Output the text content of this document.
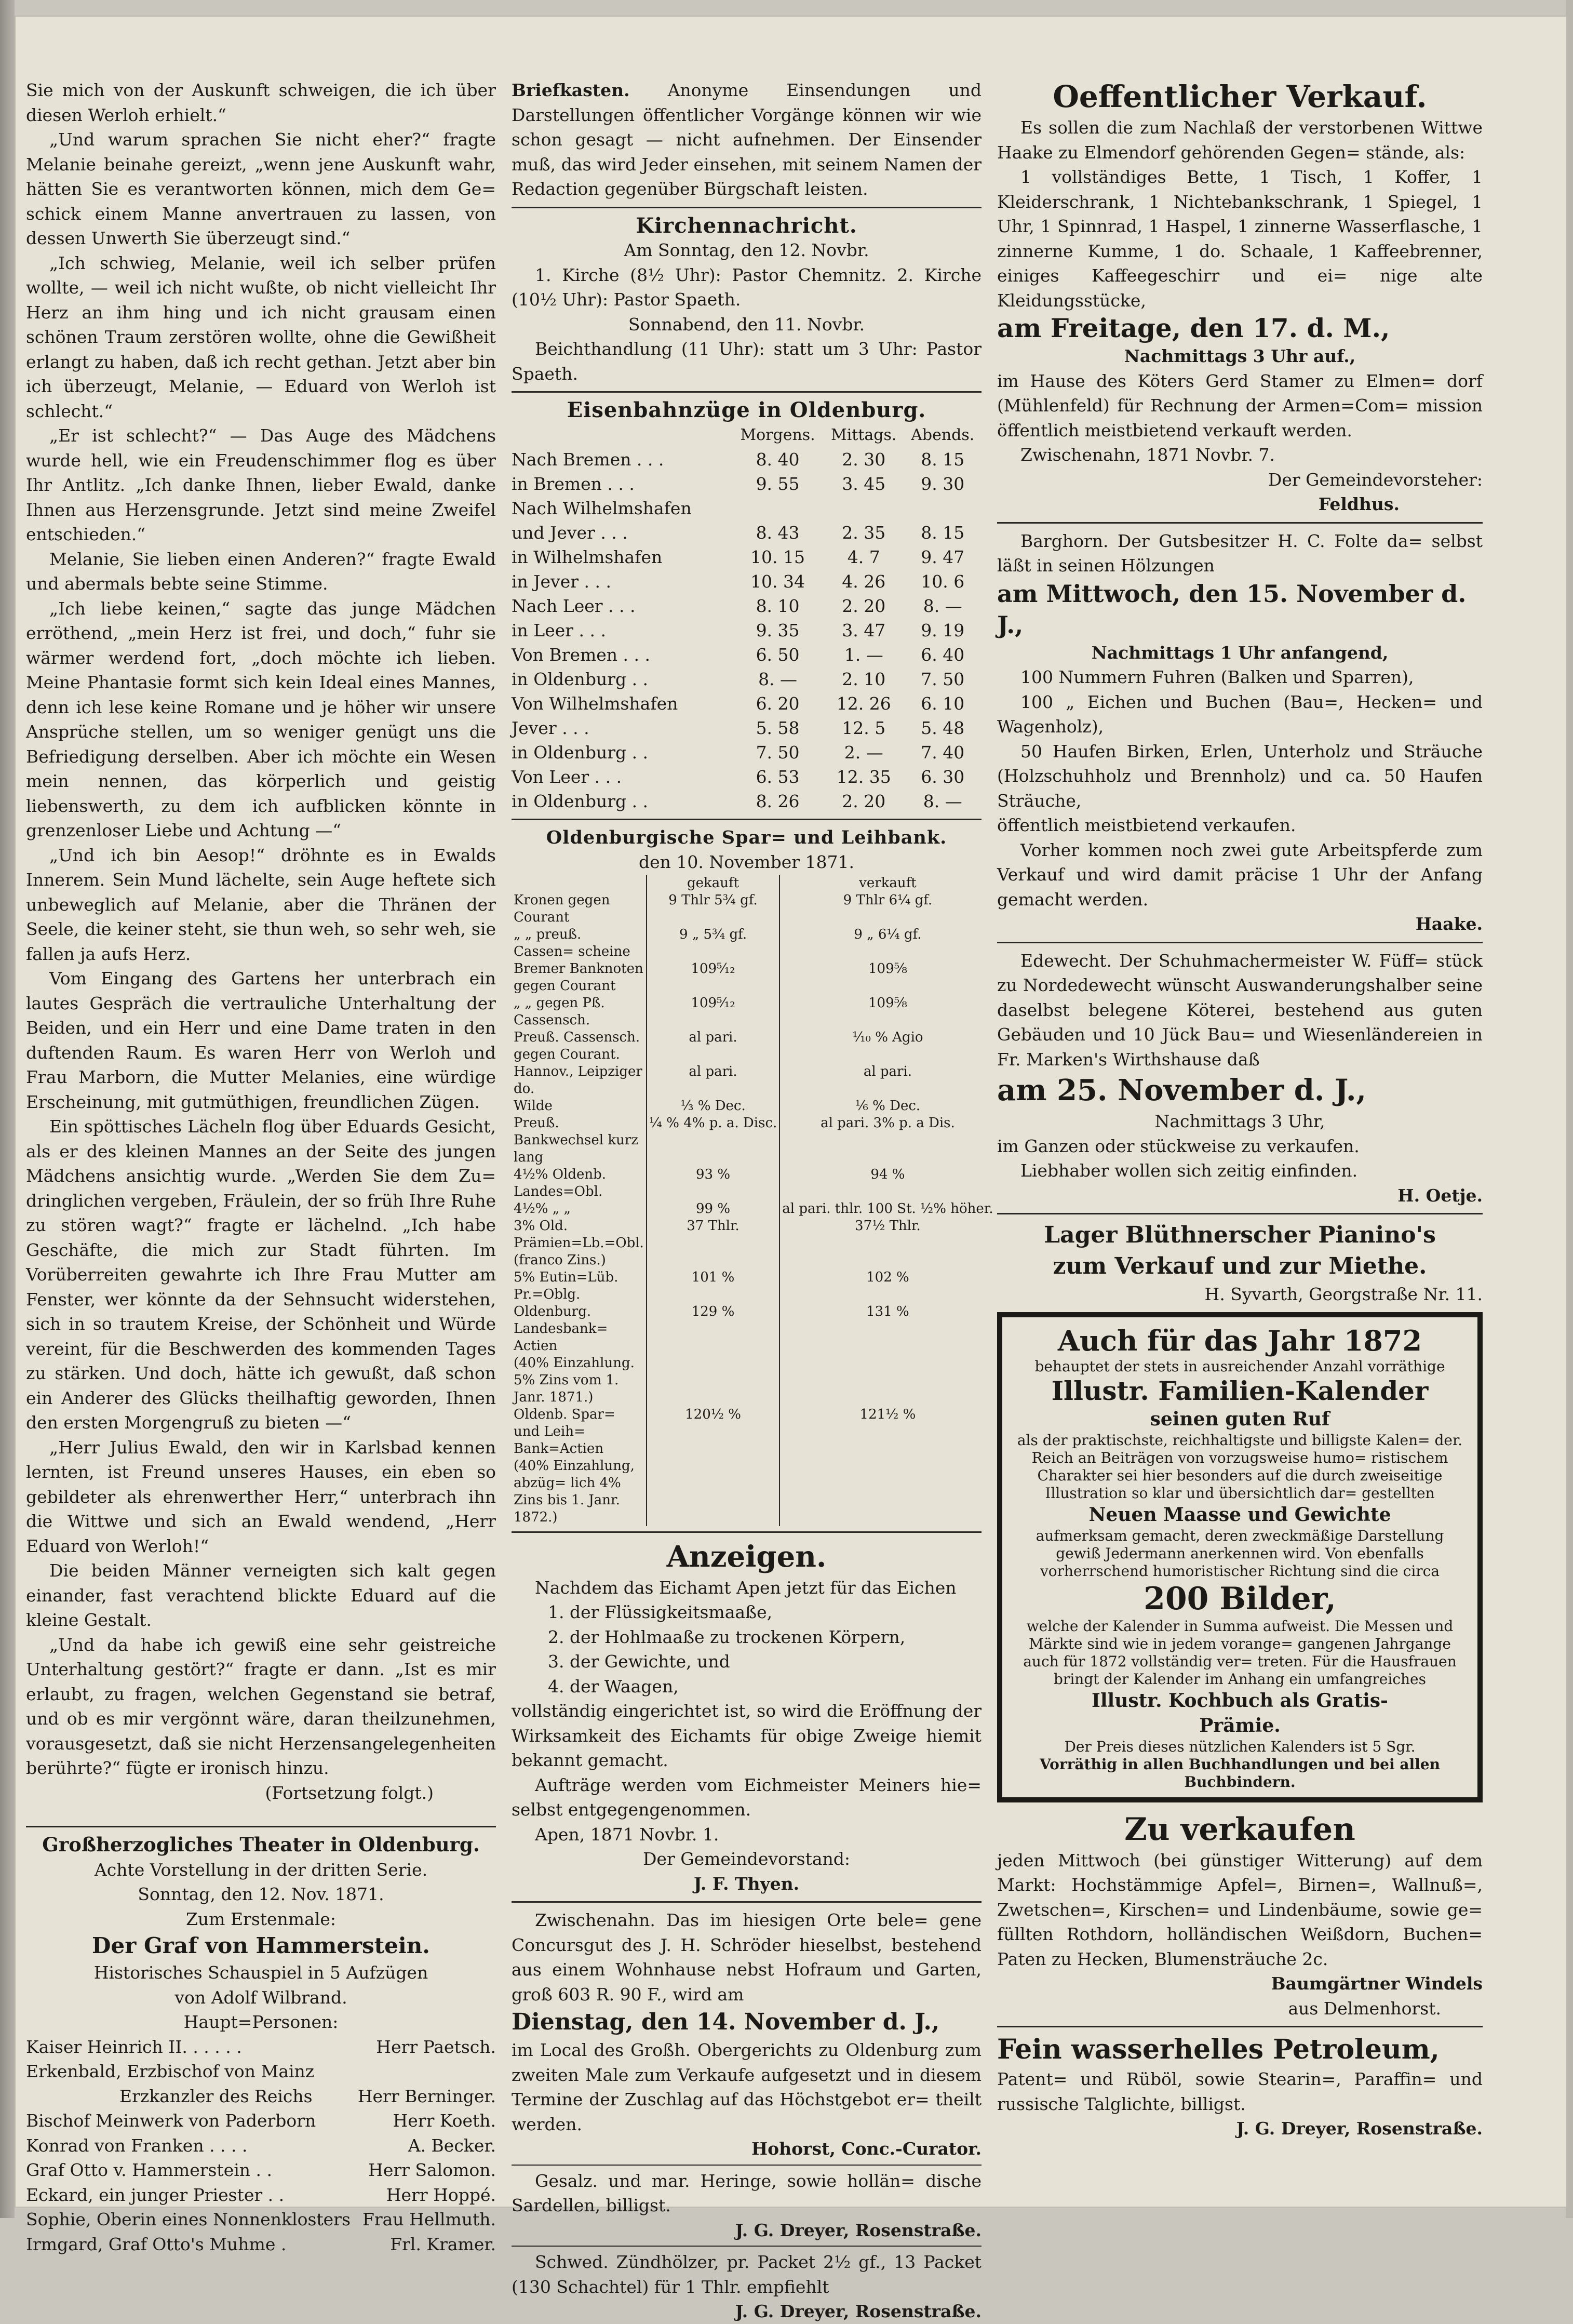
Sie mich von der Auskunft schweigen, die ich über diesen Werloh erhielt.“

„Und warum sprachen Sie nicht eher?“ fragte Melanie beinahe gereizt, „wenn jene Auskunft wahr, hätten Sie es verantworten können, mich dem Ge= schick einem Manne anvertrauen zu lassen, von dessen Unwerth Sie überzeugt sind.“

„Ich schwieg, Melanie, weil ich selber prüfen wollte, — weil ich nicht wußte, ob nicht vielleicht Ihr Herz an ihm hing und ich nicht grausam einen schönen Traum zerstören wollte, ohne die Gewißheit erlangt zu haben, daß ich recht gethan. Jetzt aber bin ich überzeugt, Melanie, — Eduard von Werloh ist schlecht.“

„Er ist schlecht?“ — Das Auge des Mädchens wurde hell, wie ein Freudenschimmer flog es über Ihr Antlitz. „Ich danke Ihnen, lieber Ewald, danke Ihnen aus Herzensgrunde. Jetzt sind meine Zweifel entschieden.“

Melanie, Sie lieben einen Anderen?“ fragte Ewald und abermals bebte seine Stimme.

„Ich liebe keinen,“ sagte das junge Mädchen erröthend, „mein Herz ist frei, und doch,“ fuhr sie wärmer werdend fort, „doch möchte ich lieben. Meine Phantasie formt sich kein Ideal eines Mannes, denn ich lese keine Romane und je höher wir unsere Ansprüche stellen, um so weniger genügt uns die Befriedigung derselben. Aber ich möchte ein Wesen mein nennen, das körperlich und geistig liebenswerth, zu dem ich aufblicken könnte in grenzenloser Liebe und Achtung —“

„Und ich bin Aesop!“ dröhnte es in Ewalds Innerem. Sein Mund lächelte, sein Auge heftete sich unbeweglich auf Melanie, aber die Thränen der Seele, die keiner steht, sie thun weh, so sehr weh, sie fallen ja aufs Herz.

Vom Eingang des Gartens her unterbrach ein lautes Gespräch die vertrauliche Unterhaltung der Beiden, und ein Herr und eine Dame traten in den duftenden Raum. Es waren Herr von Werloh und Frau Marborn, die Mutter Melanies, eine würdige Erscheinung, mit gutmüthigen, freundlichen Zügen.

Ein spöttisches Lächeln flog über Eduards Gesicht, als er des kleinen Mannes an der Seite des jungen Mädchens ansichtig wurde. „Werden Sie dem Zu= dringlichen vergeben, Fräulein, der so früh Ihre Ruhe zu stören wagt?“ fragte er lächelnd. „Ich habe Geschäfte, die mich zur Stadt führten. Im Vorüberreiten gewahrte ich Ihre Frau Mutter am Fenster, wer könnte da der Sehnsucht widerstehen, sich in so trautem Kreise, der Schönheit und Würde vereint, für die Beschwerden des kommenden Tages zu stärken. Und doch, hätte ich gewußt, daß schon ein Anderer des Glücks theilhaftig geworden, Ihnen den ersten Morgengruß zu bieten —“

„Herr Julius Ewald, den wir in Karlsbad kennen lernten, ist Freund unseres Hauses, ein eben so gebildeter als ehrenwerther Herr,“ unterbrach ihn die Wittwe und sich an Ewald wendend, „Herr Eduard von Werloh!“

Die beiden Männer verneigten sich kalt gegen einander, fast verachtend blickte Eduard auf die kleine Gestalt.

„Und da habe ich gewiß eine sehr geistreiche Unterhaltung gestört?“ fragte er dann. „Ist es mir erlaubt, zu fragen, welchen Gegenstand sie betraf, und ob es mir vergönnt wäre, daran theilzunehmen, vorausgesetzt, daß sie nicht Herzensangelegenheiten berührte?“ fügte er ironisch hinzu.

(Fortsetzung folgt.)

Großherzogliches Theater in Oldenburg.
Achte Vorstellung in der dritten Serie.
Sonntag, den 12. Nov. 1871.
Zum Erstenmale:
Der Graf von Hammerstein.
Historisches Schauspiel in 5 Aufzügen
von Adolf Wilbrand.
Haupt=Personen:
Kaiser Heinrich II. . . . . .	Herr Paetsch.
Erkenbald, Erzbischof von Mainz
Erzkanzler des Reichs	Herr Berninger.
Bischof Meinwerk von Paderborn	Herr Koeth.
Konrad von Franken . . . .	A. Becker.
Graf Otto v. Hammerstein . .	Herr Salomon.
Eckard, ein junger Priester . .	Herr Hoppé.
Sophie, Oberin eines Nonnenklosters Frau Hellmuth.
Irmgard, Graf Otto's Muhme .	Frl. Kramer.

Briefkasten. Anonyme Einsendungen und Darstellungen öffentlicher Vorgänge können wir wie schon gesagt — nicht aufnehmen. Der Einsender muß, das wird Jeder einsehen, mit seinem Namen der Redaction gegenüber Bürgschaft leisten.

Kirchennachricht.
Am Sonntag, den 12. Novbr.

1. Kirche (8½ Uhr): Pastor Chemnitz. 2. Kirche (10½ Uhr): Pastor Spaeth.

Sonnabend, den 11. Novbr.

Beichthandlung (11 Uhr): statt um 3 Uhr: Pastor Spaeth.

Eisenbahnzüge in Oldenburg.
	Morgens.	Mittags.	Abends.
Nach Bremen . . .	8. 40	2. 30	8. 15
in Bremen . . .	9. 55	3. 45	9. 30
Nach Wilhelmshafen			
und Jever . . .	8. 43	2. 35	8. 15
in Wilhelmshafen	10. 15	4. 7	9. 47
in Jever . . .	10. 34	4. 26	10. 6
Nach Leer . . .	8. 10	2. 20	8. —
in Leer . . .	9. 35	3. 47	9. 19
Von Bremen . . .	6. 50	1. —	6. 40
in Oldenburg . .	8. —	2. 10	7. 50
Von Wilhelmshafen	6. 20	12. 26	6. 10
Jever . . .	5. 58	12. 5	5. 48
in Oldenburg . .	7. 50	2. —	7. 40
Von Leer . . .	6. 53	12. 35	6. 30
in Oldenburg . .	8. 26	2. 20	8. —
Oldenburgische Spar= und Leihbank.
den 10. November 1871.
	gekauft	verkauft
Kronen gegen Courant	9 Thlr 5¾ gf.	9 Thlr 6¼ gf.
„ „ preuß. Cassen= scheine	9 „ 5¾ gf.	9 „ 6¼ gf.
Bremer Banknoten gegen Courant	109⁵⁄₁₂	109⁵⁄₈
„ „ gegen Pß. Cassensch.	109⁵⁄₁₂	109⁵⁄₈
Preuß. Cassensch. gegen Courant.	al pari.	¹⁄₁₀ % Agio
Hannov., Leipziger do.	al pari.	al pari.
Wilde	¹⁄₃ % Dec.	¹⁄₆ % Dec.
Preuß. Bankwechsel kurz lang	¹⁄₄ % 4% p. a. Disc.	al pari. 3% p. a Dis.
4½% Oldenb. Landes=Obl.	93 %	94 %
4½% „ „	99 %	al pari. thlr. 100 St. ½% höher.
3% Old. Prämien=Lb.=Obl. (franco Zins.)	37 Thlr.	37½ Thlr.
5% Eutin=Lüb. Pr.=Oblg.	101 %	102 %
Oldenburg. Landesbank= Actien	129 %	131 %
(40% Einzahlung. 5% Zins vom 1. Janr. 1871.)		
Oldenb. Spar= und Leih= Bank=Actien	120½ %	121½ %
(40% Einzahlung, abzüg= lich 4% Zins bis 1. Janr. 1872.)		
Anzeigen.

Nachdem das Eichamt Apen jetzt für das Eichen

1. der Flüssigkeitsmaaße,
2. der Hohlmaaße zu trockenen Körpern,
3. der Gewichte, und
4. der Waagen,

vollständig eingerichtet ist, so wird die Eröffnung der Wirksamkeit des Eichamts für obige Zweige hiemit bekannt gemacht.

Aufträge werden vom Eichmeister Meiners hie= selbst entgegengenommen.

Apen, 1871 Novbr. 1.

Der Gemeindevorstand:
J. F. Thyen.

Zwischenahn. Das im hiesigen Orte bele= gene Concursgut des J. H. Schröder hieselbst, bestehend aus einem Wohnhause nebst Hofraum und Garten, groß 603 R. 90 F., wird am

Dienstag, den 14. November d. J.,

im Local des Großh. Obergerichts zu Oldenburg zum zweiten Male zum Verkaufe aufgesetzt und in diesem Termine der Zuschlag auf das Höchstgebot er= theilt werden.

Hohorst, Conc.-Curator.

Gesalz. und mar. Heringe, sowie hollän= dische Sardellen, billigst.

J. G. Dreyer, Rosenstraße.

Schwed. Zündhölzer, pr. Packet 2½ gf., 13 Packet (130 Schachtel) für 1 Thlr. empfiehlt

J. G. Dreyer, Rosenstraße.
Oeffentlicher Verkauf.

Es sollen die zum Nachlaß der verstorbenen Wittwe Haake zu Elmendorf gehörenden Gegen= stände, als:

1 vollständiges Bette, 1 Tisch, 1 Koffer, 1 Kleiderschrank, 1 Nichtebankschrank, 1 Spiegel, 1 Uhr, 1 Spinnrad, 1 Haspel, 1 zinnerne Wasserflasche, 1 zinnerne Kumme, 1 do. Schaale, 1 Kaffeebrenner, einiges Kaffeegeschirr und ei= nige alte Kleidungsstücke,

am Freitage, den 17. d. M.,
Nachmittags 3 Uhr auf.,

im Hause des Köters Gerd Stamer zu Elmen= dorf (Mühlenfeld) für Rechnung der Armen=Com= mission öffentlich meistbietend verkauft werden.

Zwischenahn, 1871 Novbr. 7.

Der Gemeindevorsteher:
Feldhus.

Barghorn. Der Gutsbesitzer H. C. Folte da= selbst läßt in seinen Hölzungen

am Mittwoch, den 15. November d. J.,
Nachmittags 1 Uhr anfangend,

100 Nummern Fuhren (Balken und Sparren),

100 „ Eichen und Buchen (Bau=, Hecken= und Wagenholz),

50 Haufen Birken, Erlen, Unterholz und Sträuche (Holzschuhholz und Brennholz) und ca. 50 Haufen Sträuche,

öffentlich meistbietend verkaufen.

Vorher kommen noch zwei gute Arbeitspferde zum Verkauf und wird damit präcise 1 Uhr der Anfang gemacht werden.

Haake.

Edewecht. Der Schuhmachermeister W. Füff= stück zu Nordedewecht wünscht Auswanderungshalber seine daselbst belegene Köterei, bestehend aus guten Gebäuden und 10 Jück Bau= und Wiesenländereien in Fr. Marken's Wirthshause daß

am 25. November d. J.,
Nachmittags 3 Uhr,

im Ganzen oder stückweise zu verkaufen.

Liebhaber wollen sich zeitig einfinden.

H. Oetje.
Lager Blüthnerscher Pianino's
zum Verkauf und zur Miethe.
H. Syvarth, Georgstraße Nr. 11.
Auch für das Jahr 1872
behauptet der stets in ausreichender Anzahl vorräthige
Illustr. Familien-Kalender
seinen guten Ruf
als der praktischste, reichhaltigste und billigste Kalen= der. Reich an Beiträgen von vorzugsweise humo= ristischem Charakter sei hier besonders auf die durch zweiseitige Illustration so klar und übersichtlich dar= gestellten
Neuen Maasse und Gewichte
aufmerksam gemacht, deren zweckmäßige Darstellung gewiß Jedermann anerkennen wird. Von ebenfalls vorherrschend humoristischer Richtung sind die circa
200 Bilder,
welche der Kalender in Summa aufweist. Die Messen und Märkte sind wie in jedem vorange= gangenen Jahrgange auch für 1872 vollständig ver= treten. Für die Hausfrauen bringt der Kalender im Anhang ein umfangreiches
Illustr. Kochbuch als Gratis-
Prämie.
Der Preis dieses nützlichen Kalenders ist 5 Sgr.
Vorräthig in allen Buchhandlungen und bei allen Buchbindern.
Zu verkaufen

jeden Mittwoch (bei günstiger Witterung) auf dem Markt: Hochstämmige Apfel=, Birnen=, Wallnuß=, Zwetschen=, Kirschen= und Lindenbäume, sowie ge= füllten Rothdorn, holländischen Weißdorn, Buchen= Paten zu Hecken, Blumensträuche 2c.

Baumgärtner Windels
aus Delmenhorst.
Fein wasserhelles Petroleum,

Patent= und Rüböl, sowie Stearin=, Paraffin= und russische Talglichte, billigst.

J. G. Dreyer, Rosenstraße.
